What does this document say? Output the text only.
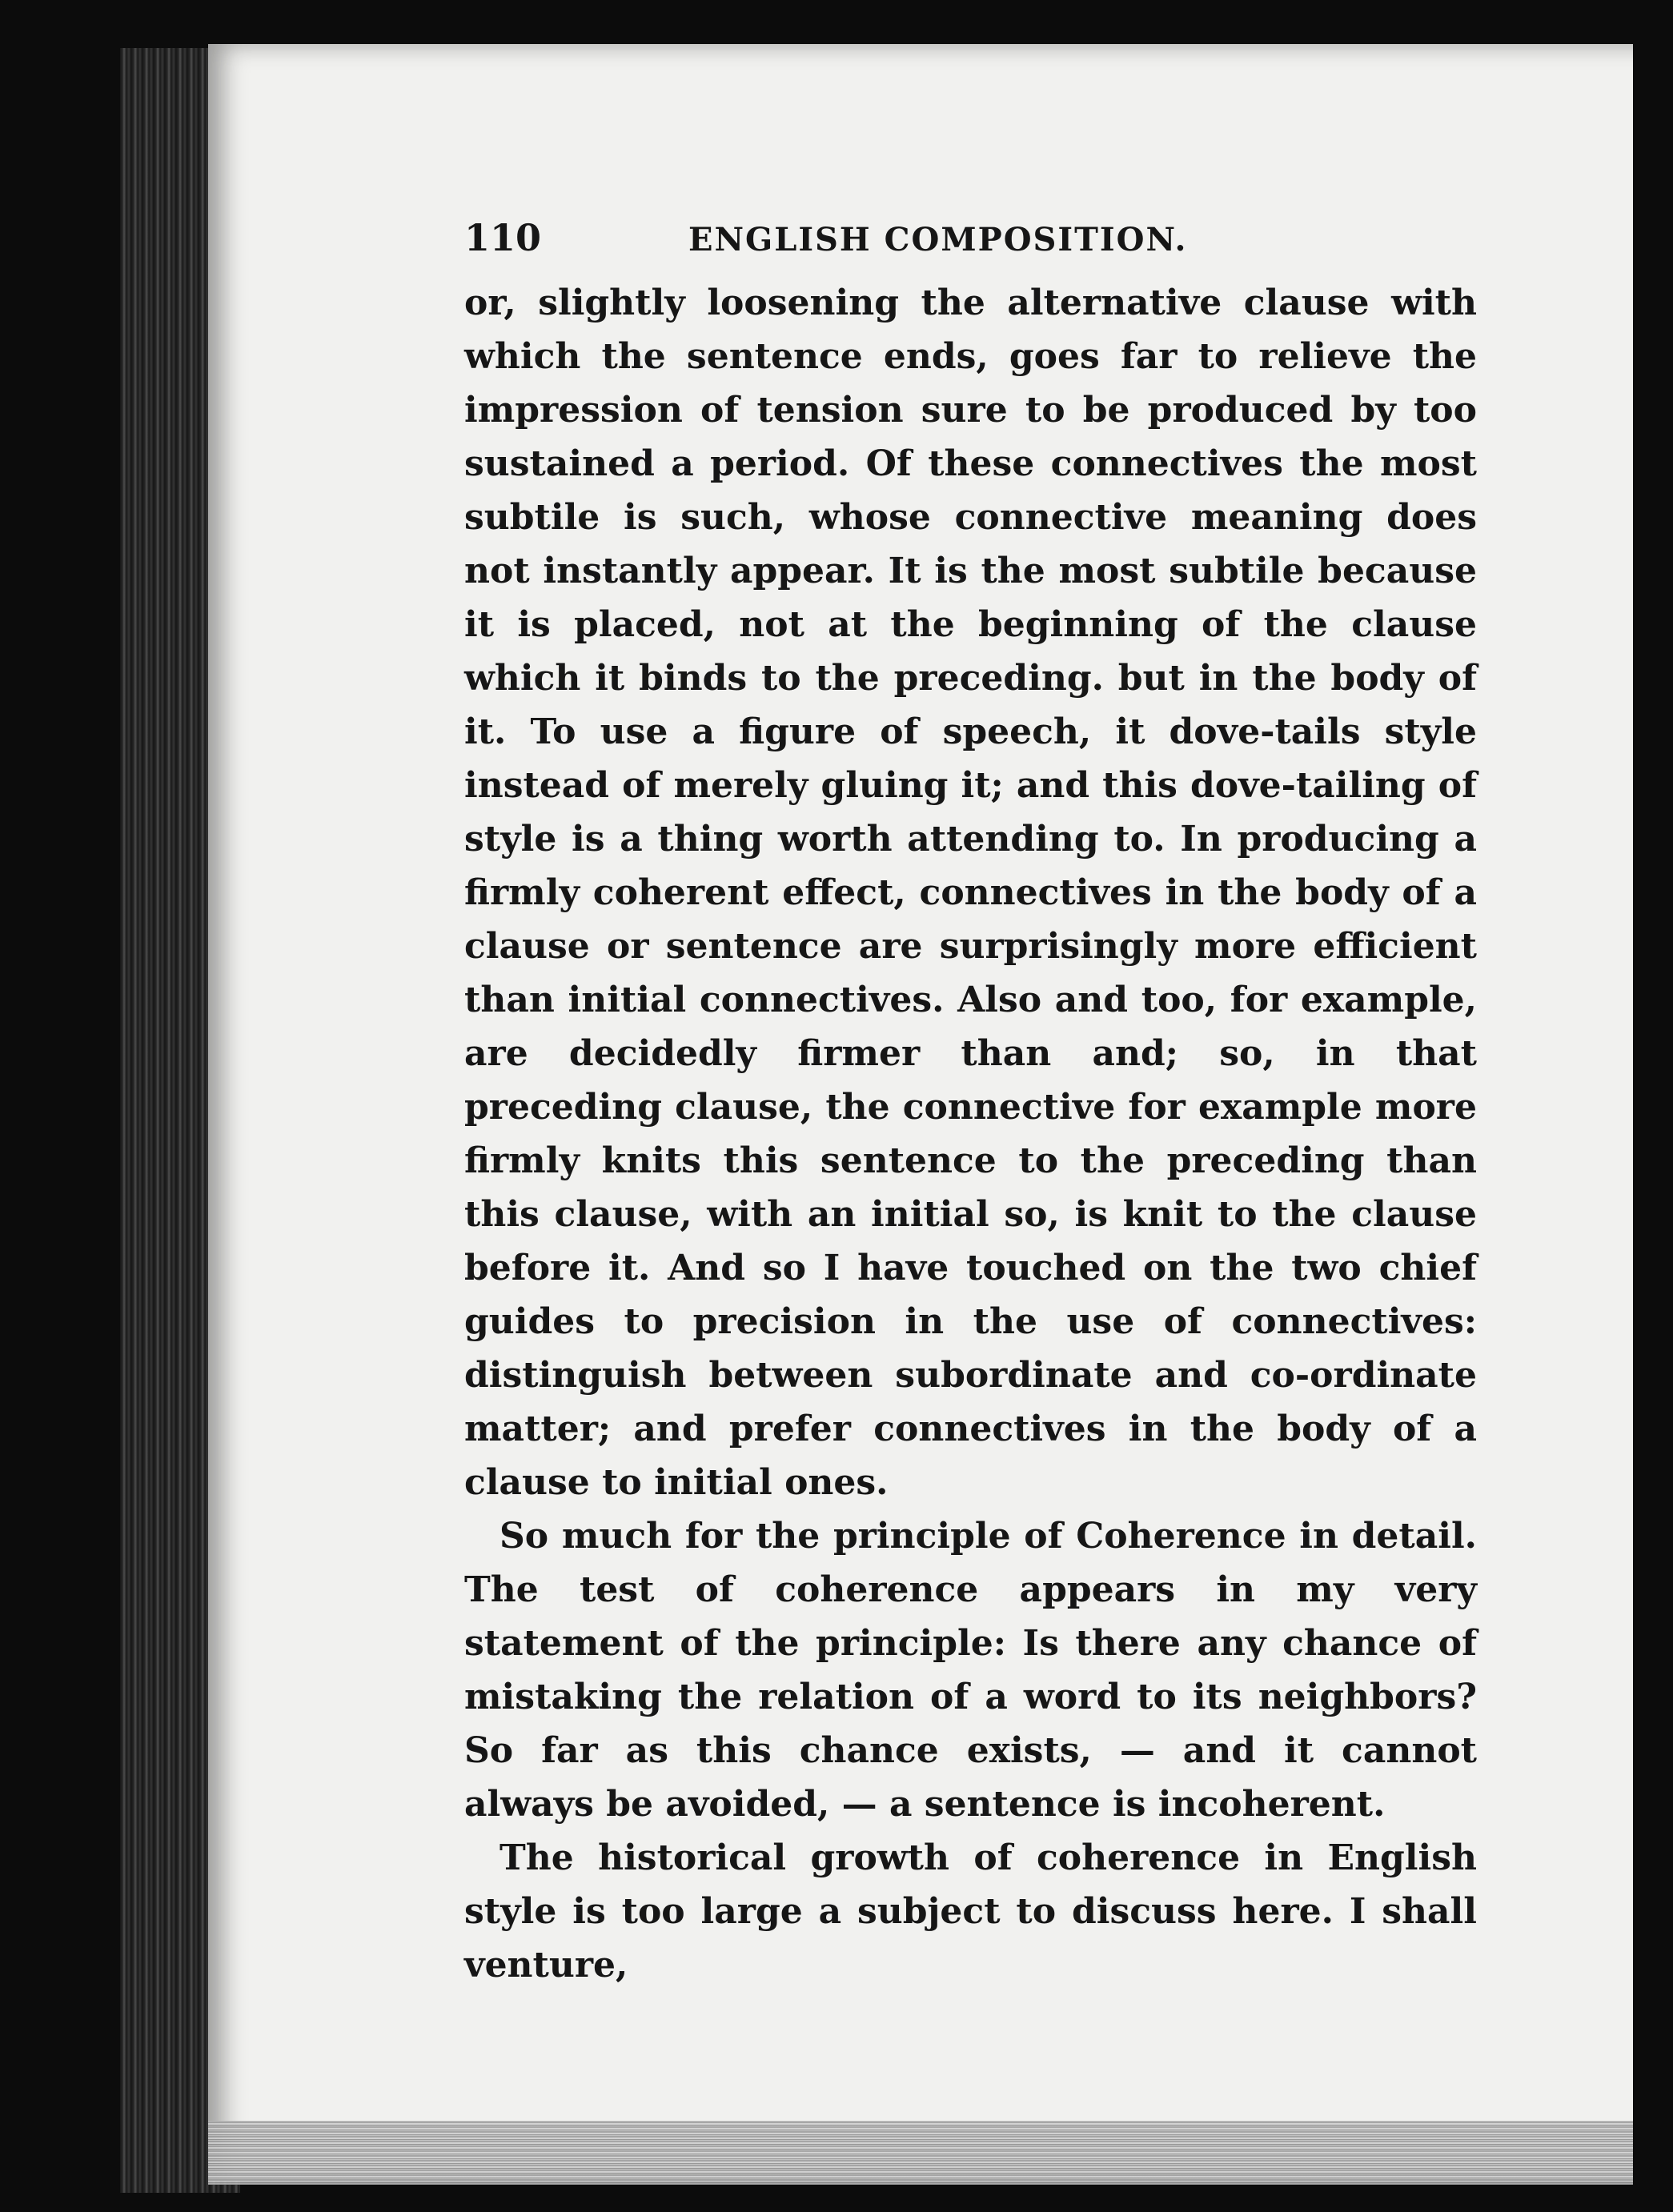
110	ENGLISH COMPOSITION.

or, slightly loosening the alternative clause with which the sentence ends, goes far to relieve the impression of tension sure to be produced by too sustained a period. Of these connectives the most subtile is such, whose connective meaning does not instantly appear. It is the most subtile because it is placed, not at the beginning of the clause which it binds to the preceding. but in the body of it. To use a figure of speech, it dove-tails style instead of merely gluing it; and this dove-tailing of style is a thing worth attending to. In producing a firmly coherent effect, connectives in the body of a clause or sentence are surprisingly more efficient than initial connectives. Also and too, for example, are decidedly firmer than and; so, in that preceding clause, the connective for example more firmly knits this sentence to the preceding than this clause, with an initial so, is knit to the clause before it. And so I have touched on the two chief guides to precision in the use of connectives: distinguish between subordinate and co-ordinate matter; and prefer connectives in the body of a clause to initial ones.

So much for the principle of Coherence in detail. The test of coherence appears in my very statement of the principle: Is there any chance of mistaking the relation of a word to its neighbors? So far as this chance exists, — and it cannot always be avoided, — a sentence is incoherent.

The historical growth of coherence in English style is too large a subject to discuss here. I shall venture,
